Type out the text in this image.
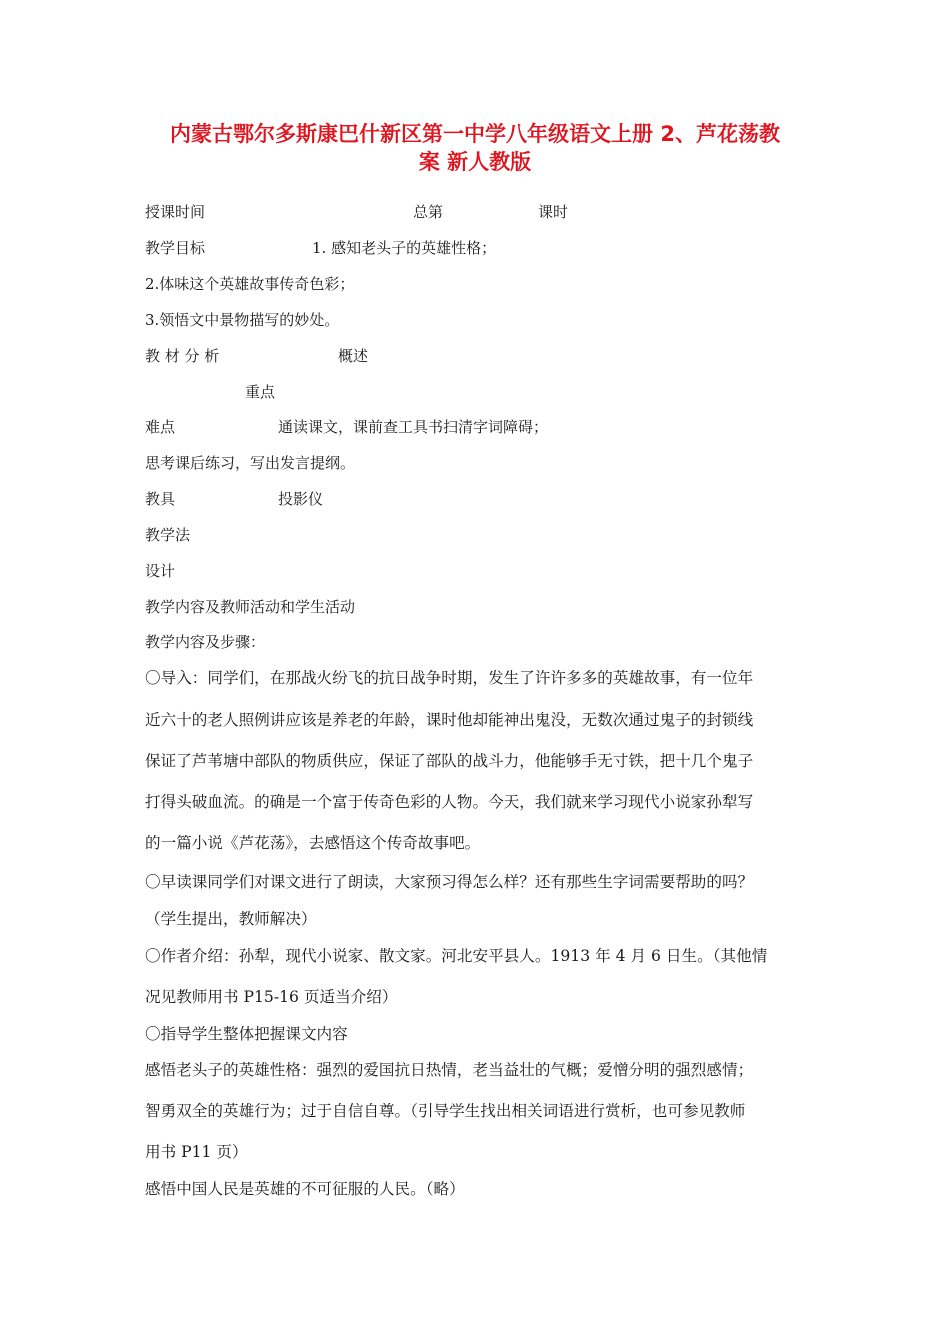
内蒙古鄂尔多斯康巴什新区第一中学八年级语文上册 2、芦花荡教
案 新人教版
授课时间	总第	课时
教学目标	1. 感知老头子的英雄性格；
2.体味这个英雄故事传奇色彩；
3.领悟文中景物描写的妙处。
教 材 分 析	概述
重点
难点	通读课文，课前查工具书扫清字词障碍；
思考课后练习，写出发言提纲。
教具	投影仪
教学法
设计
教学内容及教师活动和学生活动
教学内容及步骤：
〇导入：同学们，在那战火纷飞的抗日战争时期，发生了许许多多的英雄故事，有一位年
近六十的老人照例讲应该是养老的年龄，课时他却能神出鬼没，无数次通过鬼子的封锁线
保证了芦苇塘中部队的物质供应，保证了部队的战斗力，他能够手无寸铁，把十几个鬼子
打得头破血流。的确是一个富于传奇色彩的人物。今天，我们就来学习现代小说家孙犁写
的一篇小说《芦花荡》，去感悟这个传奇故事吧。
〇早读课同学们对课文进行了朗读，大家预习得怎么样？还有那些生字词需要帮助的吗？
（学生提出，教师解决）
〇作者介绍：孙犁，现代小说家、散文家。河北安平县人。1913 年 4 月 6 日生。（其他情
况见教师用书 P15-16 页适当介绍）
〇指导学生整体把握课文内容
感悟老头子的英雄性格：强烈的爱国抗日热情，老当益壮的气概；爱憎分明的强烈感情；
智勇双全的英雄行为；过于自信自尊。（引导学生找出相关词语进行赏析，也可参见教师
用书 P11 页）
感悟中国人民是英雄的不可征服的人民。（略）
